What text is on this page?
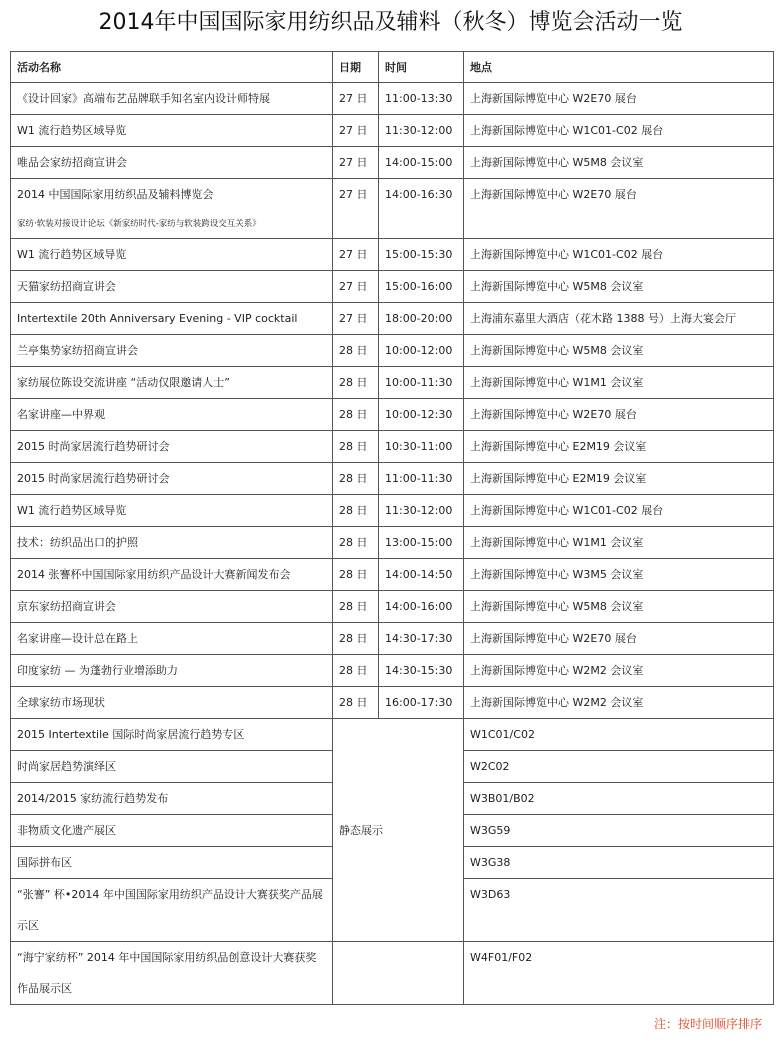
2014年中国国际家用纺织品及辅料（秋冬）博览会活动一览
活动名称	日期	时间	地点
《设计回家》高端布艺品牌联手知名室内设计师特展	27 日	11:00-13:30	上海新国际博览中心 W2E70 展台
W1 流行趋势区域导览	27 日	11:30-12:00	上海新国际博览中心 W1C01-C02 展台
唯品会家纺招商宣讲会	27 日	14:00-15:00	上海新国际博览中心 W5M8 会议室

2014 中国国际家用纺织品及辅料博览会
家纺·软装对接设计论坛《新家纺时代-家纺与软装跨设交互关系》	27 日	14:00-16:30	上海新国际博览中心 W2E70 展台
W1 流行趋势区域导览	27 日	15:00-15:30	上海新国际博览中心 W1C01-C02 展台
天猫家纺招商宣讲会	27 日	15:00-16:00	上海新国际博览中心 W5M8 会议室
Intertextile 20th Anniversary Evening - VIP cocktail	27 日	18:00-20:00	上海浦东嘉里大酒店（花木路 1388 号）上海大宴会厅
兰亭集势家纺招商宣讲会	28 日	10:00-12:00	上海新国际博览中心 W5M8 会议室
家纺展位陈设交流讲座 “活动仅限邀请人士”	28 日	10:00-11:30	上海新国际博览中心 W1M1 会议室
名家讲座—中界观	28 日	10:00-12:30	上海新国际博览中心 W2E70 展台
2015 时尚家居流行趋势研讨会	28 日	10:30-11:00	上海新国际博览中心 E2M19 会议室
2015 时尚家居流行趋势研讨会	28 日	11:00-11:30	上海新国际博览中心 E2M19 会议室
W1 流行趋势区域导览	28 日	11:30-12:00	上海新国际博览中心 W1C01-C02 展台
技术：纺织品出口的护照	28 日	13:00-15:00	上海新国际博览中心 W1M1 会议室
2014 张謇杯中国国际家用纺织产品设计大赛新闻发布会	28 日	14:00-14:50	上海新国际博览中心 W3M5 会议室
京东家纺招商宣讲会	28 日	14:00-16:00	上海新国际博览中心 W5M8 会议室
名家讲座—设计总在路上	28 日	14:30-17:30	上海新国际博览中心 W2E70 展台
印度家纺 — 为蓬勃行业增添助力	28 日	14:30-15:30	上海新国际博览中心 W2M2 会议室
全球家纺市场现状	28 日	16:00-17:30	上海新国际博览中心 W2M2 会议室
2015 Intertextile 国际时尚家居流行趋势专区	静态展示		W1C01/C02
时尚家居趋势演绎区			W2C02
2014/2015 家纺流行趋势发布			W3B01/B02
非物质文化遗产展区			W3G59
国际拼布区			W3G38
“张謇” 杯•2014 年中国国际家用纺织产品设计大赛获奖产品展示区			W3D63
“海宁家纺杯” 2014 年中国国际家用纺织品创意设计大赛获奖作品展示区			W4F01/F02
注：按时间顺序排序
